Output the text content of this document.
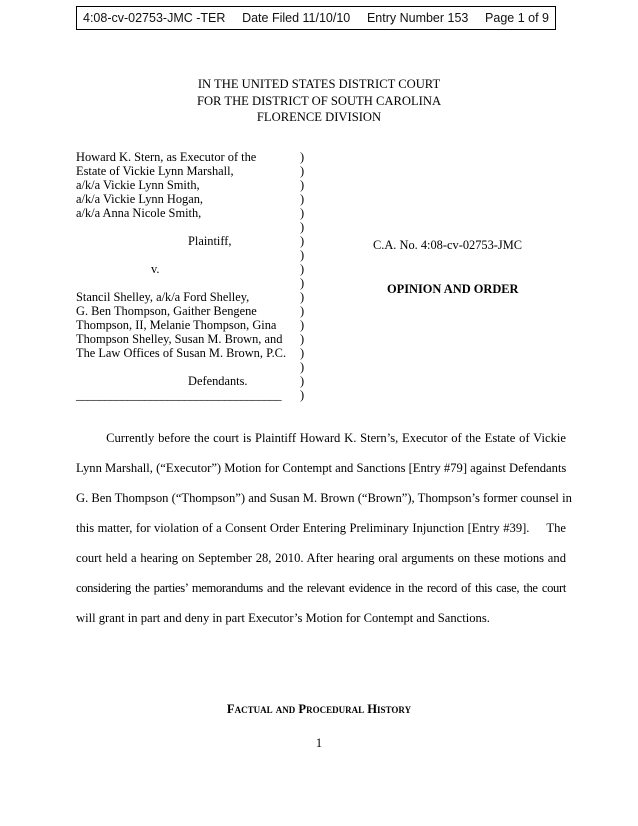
4:08-cv-02753-JMC -TER Date Filed 11/10/10 Entry Number 153 Page 1 of 9
IN THE UNITED STATES DISTRICT COURT
FOR THE DISTRICT OF SOUTH CAROLINA
FLORENCE DIVISION
Howard K. Stern, as Executor of the
Estate of Vickie Lynn Marshall,
a/k/a Vickie Lynn Smith,
a/k/a Vickie Lynn Hogan,
a/k/a Anna Nicole Smith,
Plaintiff,
v.
Stancil Shelley, a/k/a Ford Shelley,
G. Ben Thompson, Gaither Bengene
Thompson, II, Melanie Thompson, Gina
Thompson Shelley, Susan M. Brown, and
The Law Offices of Susan M. Brown, P.C.
Defendants.
____________________________________
)
)
)
)
)
)
)
)
)
)
)
)
)
)
)
)
)
)
C.A. No. 4:08-cv-02753-JMC
OPINION AND ORDER
Currently before the court is Plaintiff Howard K. Stern’s, Executor of the Estate of Vickie
Lynn Marshall, (“Executor”) Motion for Contempt and Sanctions [Entry #79] against Defendants
G. Ben Thompson (“Thompson”) and Susan M. Brown (“Brown”), Thompson’s former counsel in
this matter, for violation of a Consent Order Entering Preliminary Injunction [Entry #39].     The
court held a hearing on September 28, 2010. After hearing oral arguments on these motions and
considering the parties’ memorandums and the relevant evidence in the record of this case, the court
will grant in part and deny in part Executor’s Motion for Contempt and Sanctions.
Factual and Procedural History
1
